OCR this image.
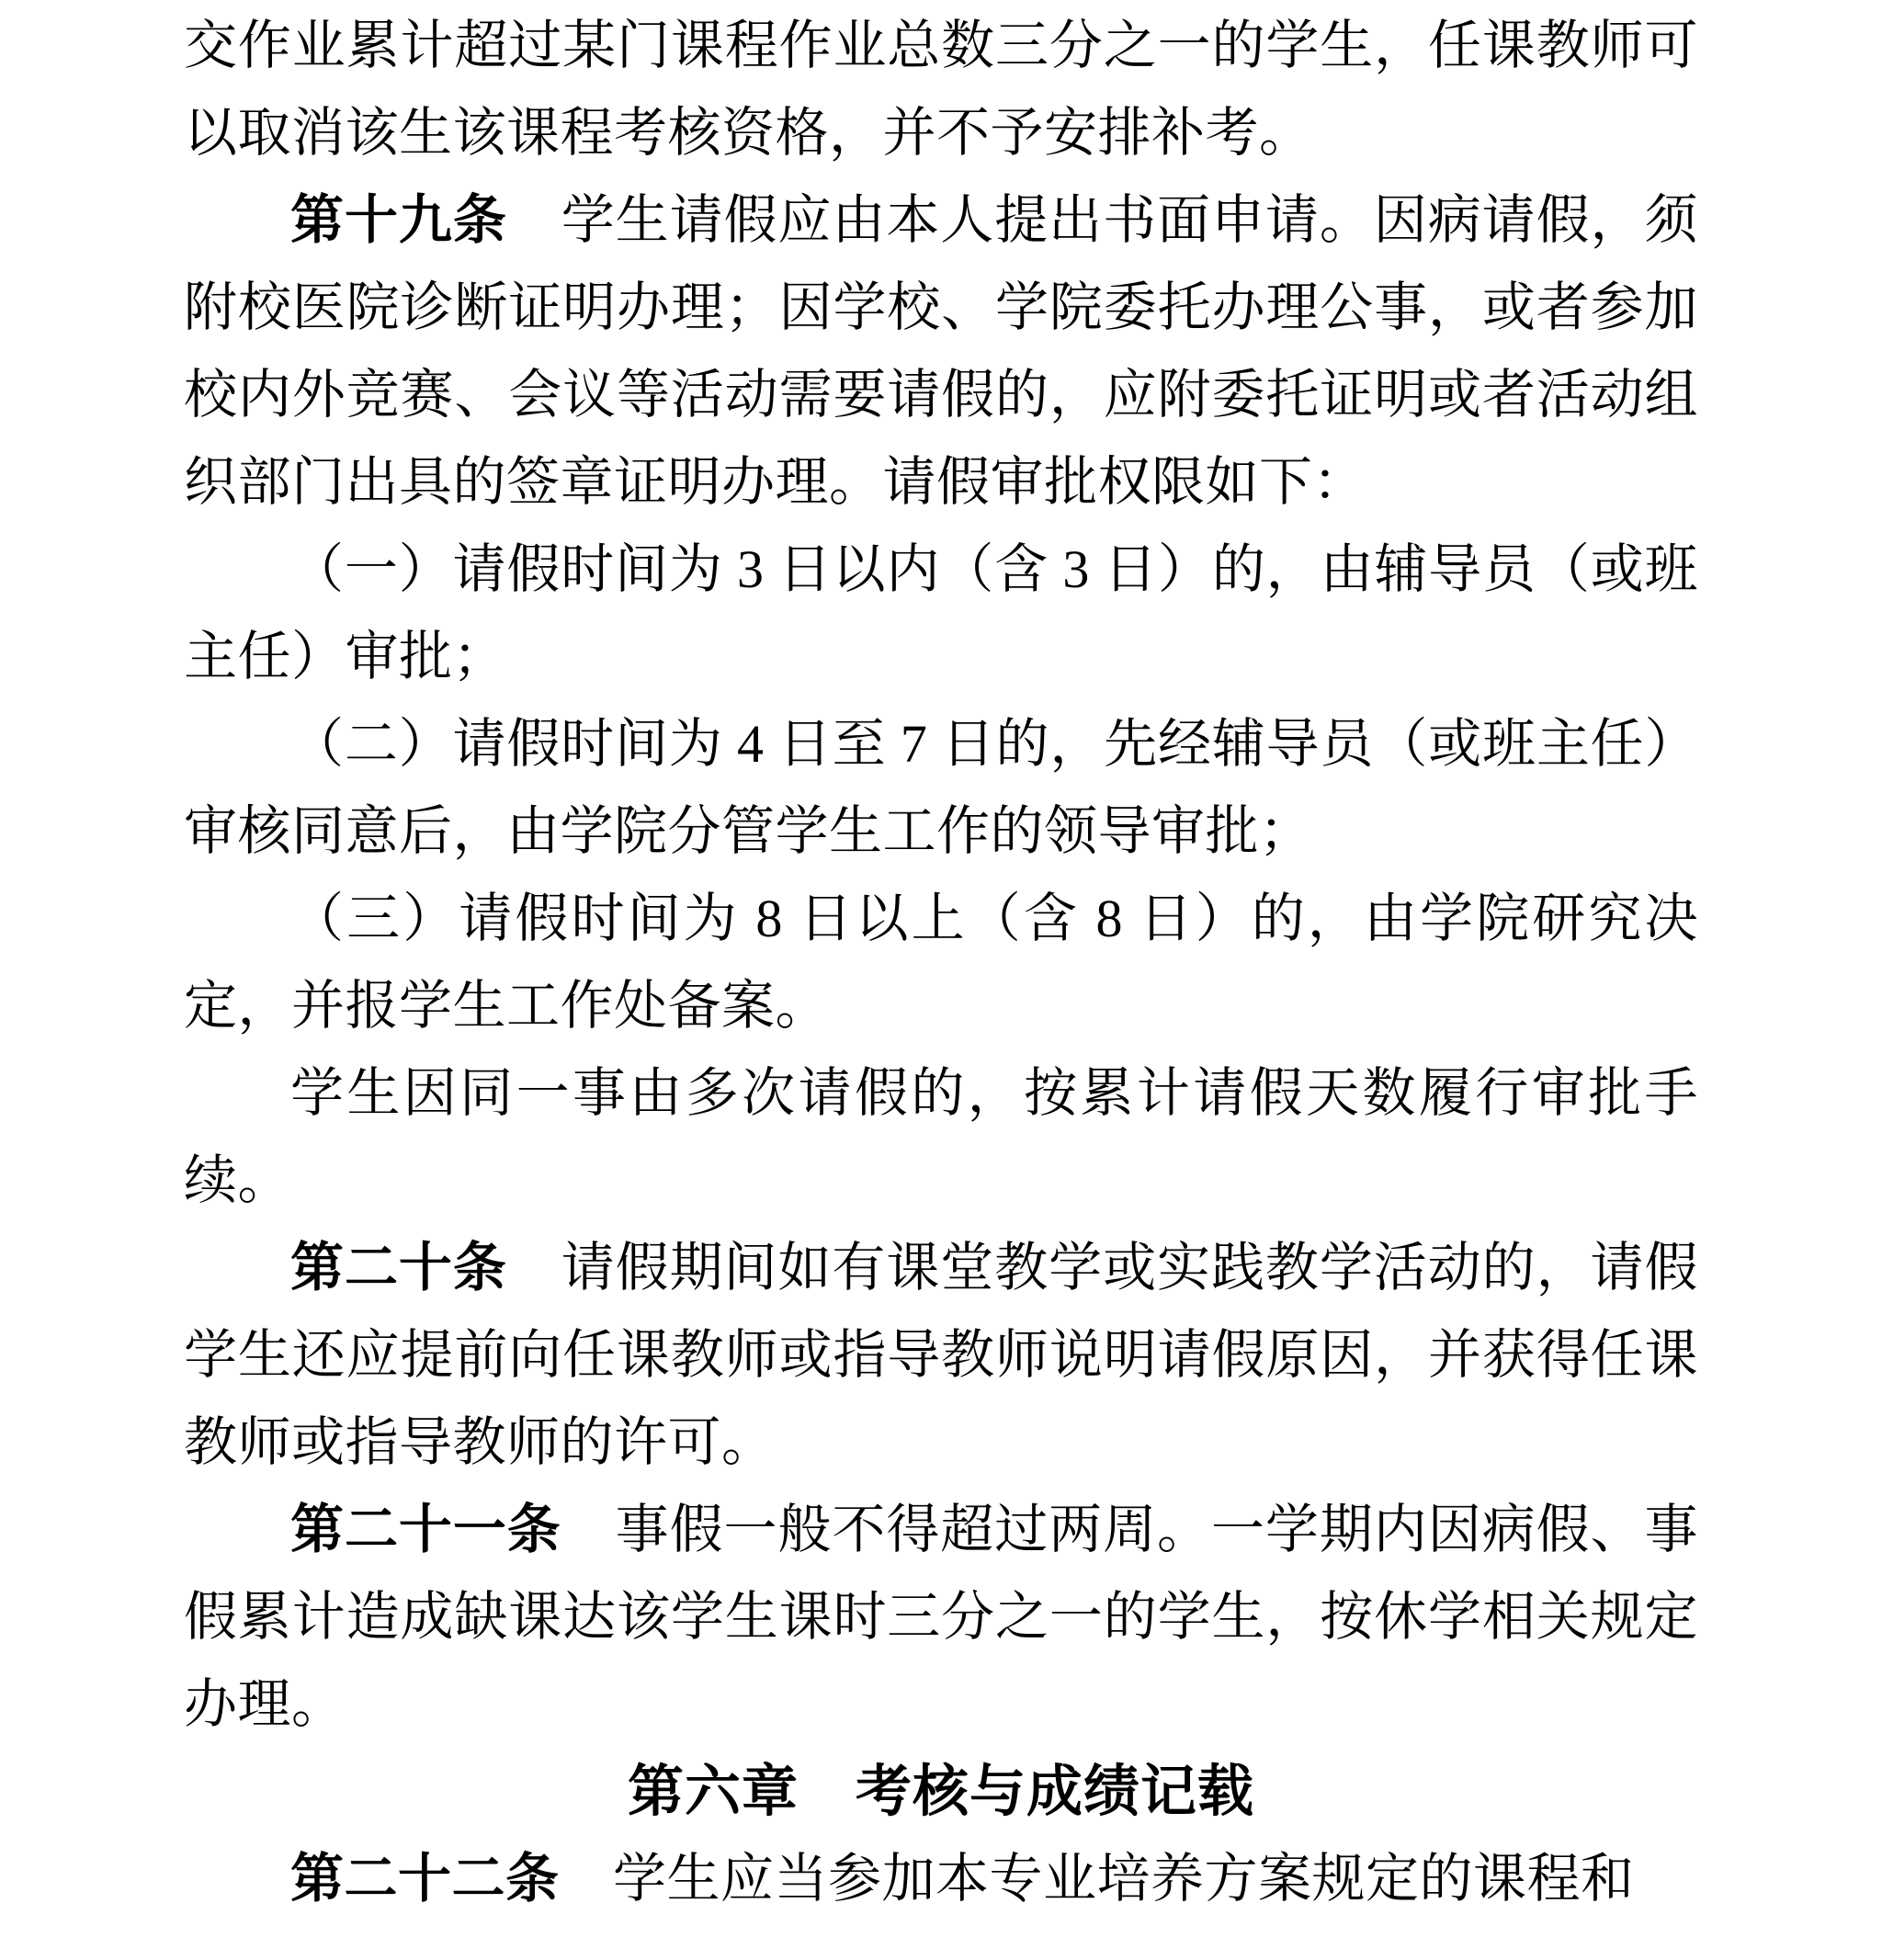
交作业累计超过某门课程作业总数三分之一的学生，任课教师可以取消该生该课程考核资格，并不予安排补考。

第十九条　学生请假应由本人提出书面申请。因病请假，须附校医院诊断证明办理；因学校、学院委托办理公事，或者参加校内外竞赛、会议等活动需要请假的，应附委托证明或者活动组织部门出具的签章证明办理。请假审批权限如下：

（一）请假时间为 3 日以内（含 3 日）的，由辅导员（或班主任）审批；

（二）请假时间为 4 日至 7 日的，先经辅导员（或班主任）审核同意后，由学院分管学生工作的领导审批；

（三）请假时间为 8 日以上（含 8 日）的，由学院研究决定，并报学生工作处备案。

学生因同一事由多次请假的，按累计请假天数履行审批手续。

第二十条　请假期间如有课堂教学或实践教学活动的，请假学生还应提前向任课教师或指导教师说明请假原因，并获得任课教师或指导教师的许可。

第二十一条　事假一般不得超过两周。一学期内因病假、事假累计造成缺课达该学生课时三分之一的学生，按休学相关规定办理。

第六章　考核与成绩记载

第二十二条　学生应当参加本专业培养方案规定的课程和
